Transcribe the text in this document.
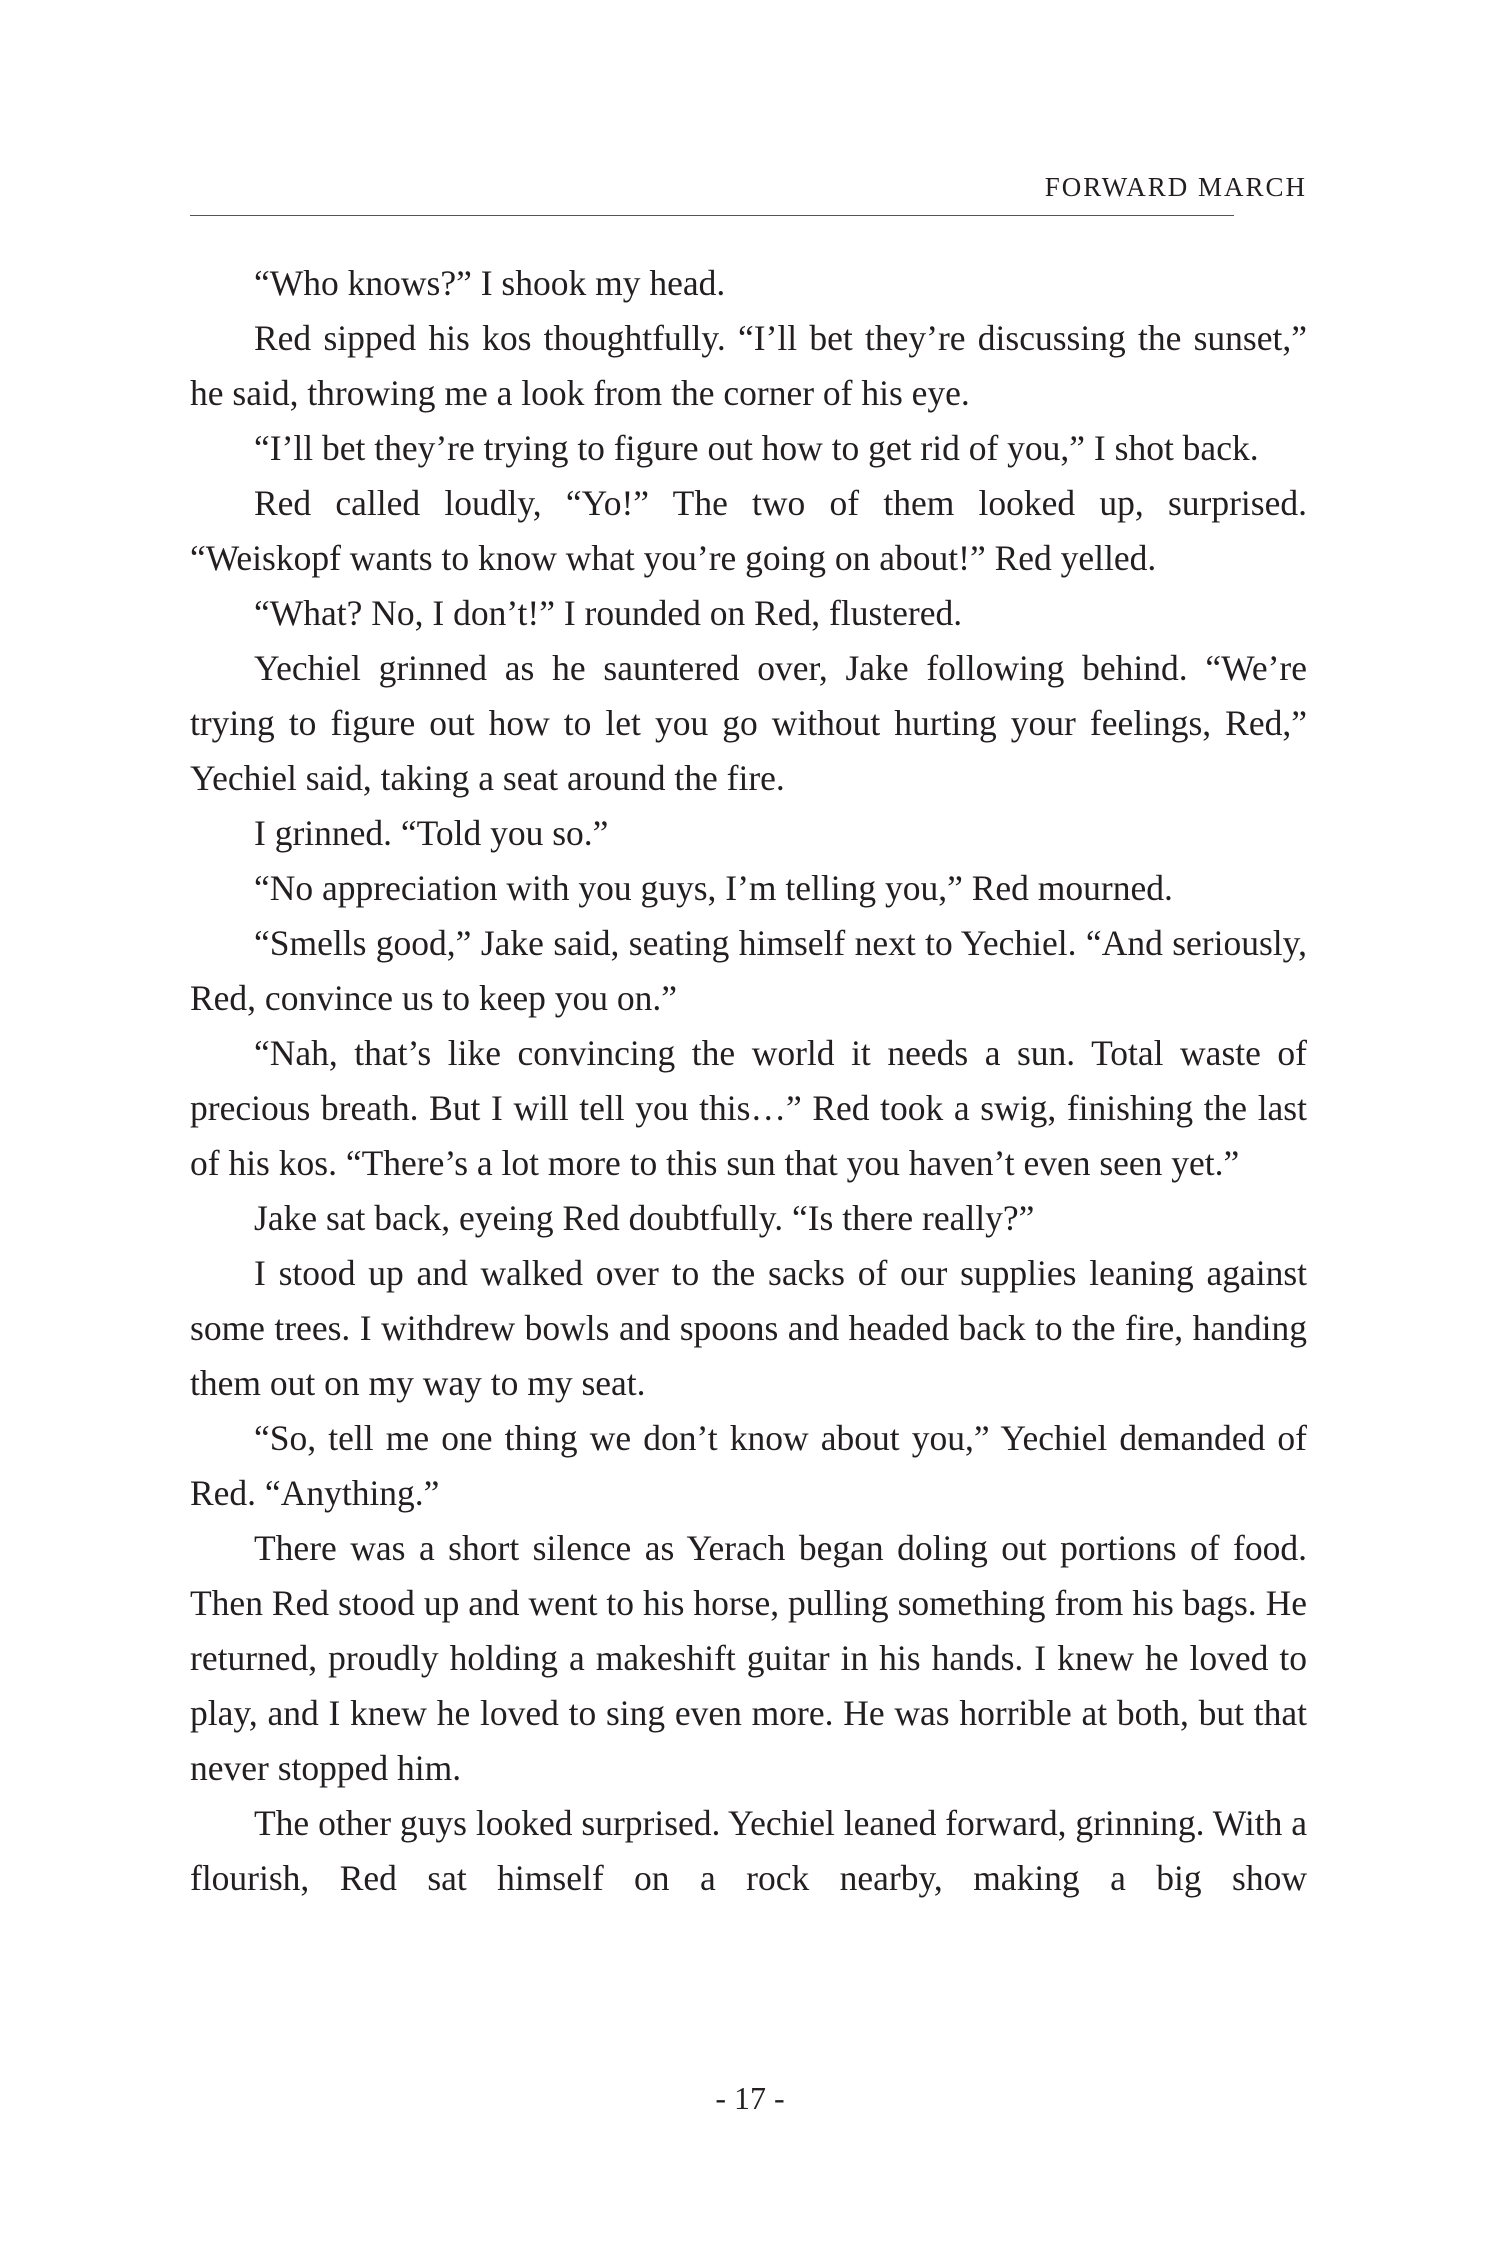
FORWARD MARCH

“Who knows?” I shook my head.

Red sipped his kos thoughtfully. “I’ll bet they’re discussing the sunset,” he said, throwing me a look from the corner of his eye.

“I’ll bet they’re trying to figure out how to get rid of you,” I shot back.

Red called loudly, “Yo!” The two of them looked up, surprised. “Weiskopf wants to know what you’re going on about!” Red yelled.

“What? No, I don’t!” I rounded on Red, flustered.

Yechiel grinned as he sauntered over, Jake following behind. “We’re trying to figure out how to let you go without hurting your feelings, Red,” Yechiel said, taking a seat around the fire.

I grinned. “Told you so.”

“No appreciation with you guys, I’m telling you,” Red mourned.

“Smells good,” Jake said, seating himself next to Yechiel. “And seriously, Red, convince us to keep you on.”

“Nah, that’s like convincing the world it needs a sun. Total waste of precious breath. But I will tell you this…” Red took a swig, finishing the last of his kos. “There’s a lot more to this sun that you haven’t even seen yet.”

Jake sat back, eyeing Red doubtfully. “Is there really?”

I stood up and walked over to the sacks of our supplies leaning against some trees. I withdrew bowls and spoons and headed back to the fire, handing them out on my way to my seat.

“So, tell me one thing we don’t know about you,” Yechiel demanded of Red. “Anything.”

There was a short silence as Yerach began doling out portions of food. Then Red stood up and went to his horse, pulling something from his bags. He returned, proudly holding a makeshift guitar in his hands. I knew he loved to play, and I knew he loved to sing even more. He was horrible at both, but that never stopped him.

The other guys looked surprised. Yechiel leaned forward, grinning. With a flourish, Red sat himself on a rock nearby, making a big show

- 17 -
